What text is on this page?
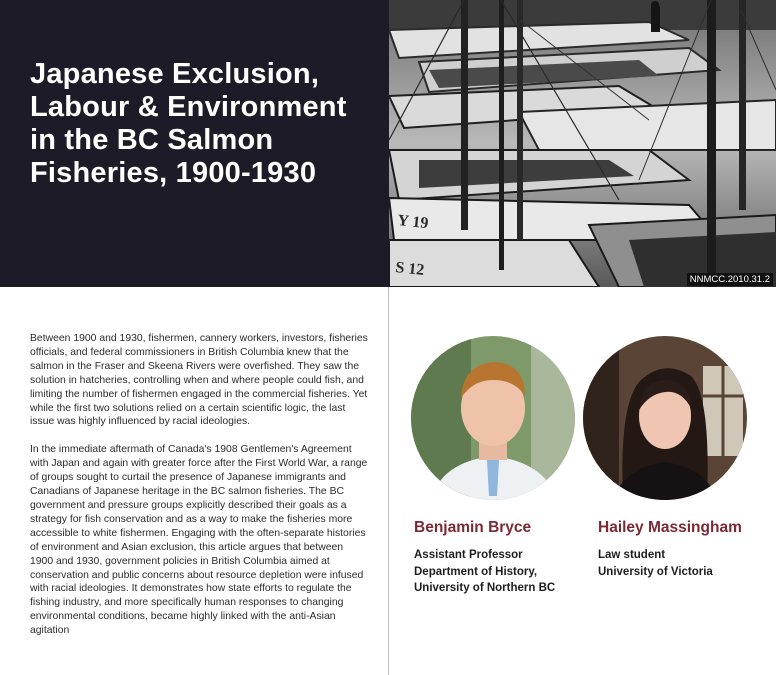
Japanese Exclusion,
Labour & Environment
in the BC Salmon
Fisheries, 1900-1930
Y 19
S 12
NNMCC.2010.31.2

Between 1900 and 1930, fishermen, cannery workers, investors, fisheries officials, and federal commissioners in British Columbia knew that the salmon in the Fraser and Skeena Rivers were overfished. They saw the solution in hatcheries, controlling when and where people could fish, and limiting the number of fishermen engaged in the commercial fisheries. Yet while the first two solutions relied on a certain scientific logic, the last issue was highly influenced by racial ideologies.

In the immediate aftermath of Canada's 1908 Gentlemen's Agreement with Japan and again with greater force after the First World War, a range of groups sought to curtail the presence of Japanese immigrants and Canadians of Japanese heritage in the BC salmon fisheries. The BC government and pressure groups explicitly described their goals as a strategy for fish conservation and as a way to make the fisheries more accessible to white fishermen. Engaging with the often-separate histories of environment and Asian exclusion, this article argues that between 1900 and 1930, government policies in British Columbia aimed at conservation and public concerns about resource depletion were infused with racial ideologies. It demonstrates how state efforts to regulate the fishing industry, and more specifically human responses to changing environmental conditions, became highly linked with the anti-Asian agitation

Benjamin Bryce
Assistant Professor
Department of History,
University of Northern BC
Hailey Massingham
Law student
University of Victoria
